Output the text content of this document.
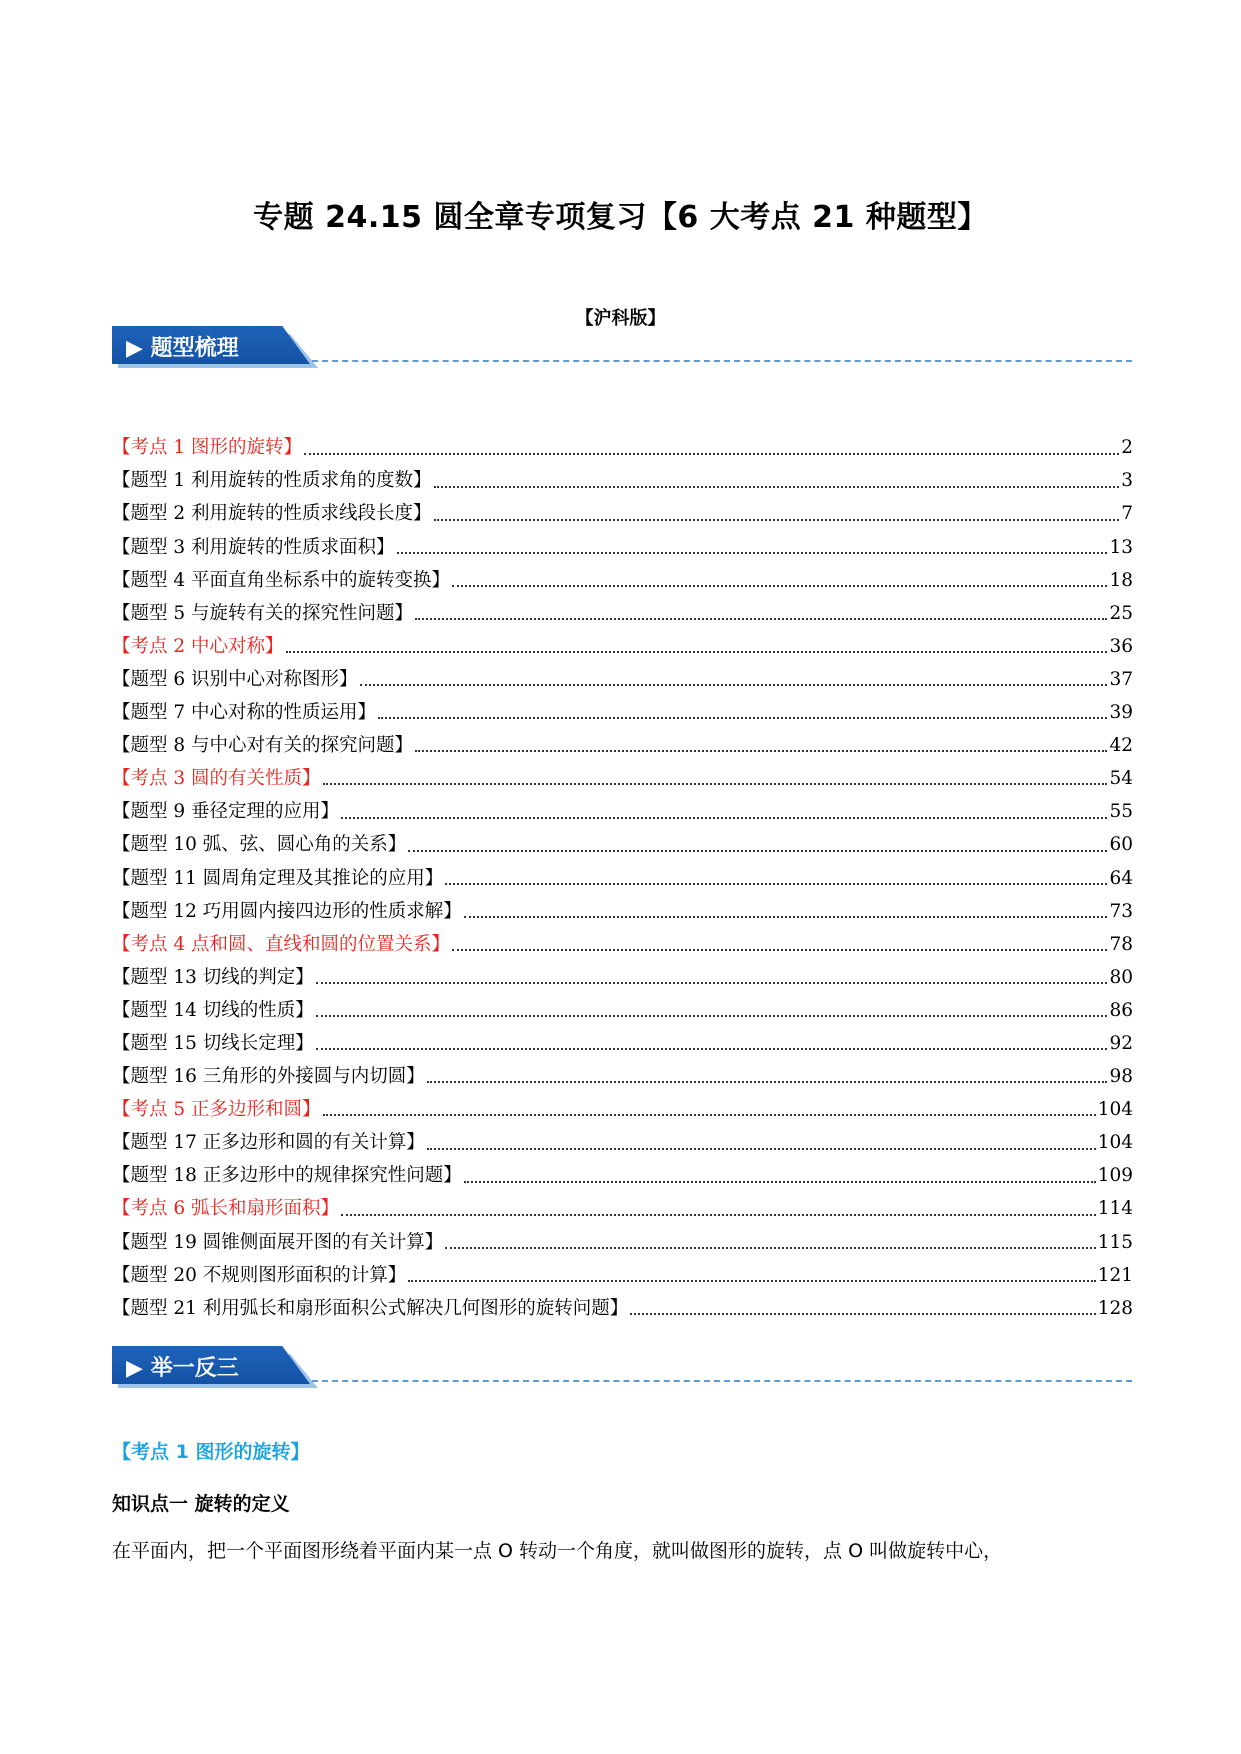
专题 24.15 圆全章专项复习【6 大考点 21 种题型】
【沪科版】
▶ 题型梳理
【考点 1 图形的旋转】	2
【题型 1 利用旋转的性质求角的度数】	3
【题型 2 利用旋转的性质求线段长度】	7
【题型 3 利用旋转的性质求面积】	13
【题型 4 平面直角坐标系中的旋转变换】	18
【题型 5 与旋转有关的探究性问题】	25
【考点 2 中心对称】	36
【题型 6 识别中心对称图形】	37
【题型 7 中心对称的性质运用】	39
【题型 8 与中心对有关的探究问题】	42
【考点 3 圆的有关性质】	54
【题型 9 垂径定理的应用】	55
【题型 10 弧、弦、圆心角的关系】	60
【题型 11 圆周角定理及其推论的应用】	64
【题型 12 巧用圆内接四边形的性质求解】	73
【考点 4 点和圆、直线和圆的位置关系】	78
【题型 13 切线的判定】	80
【题型 14 切线的性质】	86
【题型 15 切线长定理】	92
【题型 16 三角形的外接圆与内切圆】	98
【考点 5 正多边形和圆】	104
【题型 17 正多边形和圆的有关计算】	104
【题型 18 正多边形中的规律探究性问题】	109
【考点 6 弧长和扇形面积】	114
【题型 19 圆锥侧面展开图的有关计算】	115
【题型 20 不规则图形面积的计算】	121
【题型 21 利用弧长和扇形面积公式解决几何图形的旋转问题】	128
▶ 举一反三
【考点 1 图形的旋转】
知识点一 旋转的定义
在平面内，把一个平面图形绕着平面内某一点 O 转动一个角度，就叫做图形的旋转，点 O 叫做旋转中心，
